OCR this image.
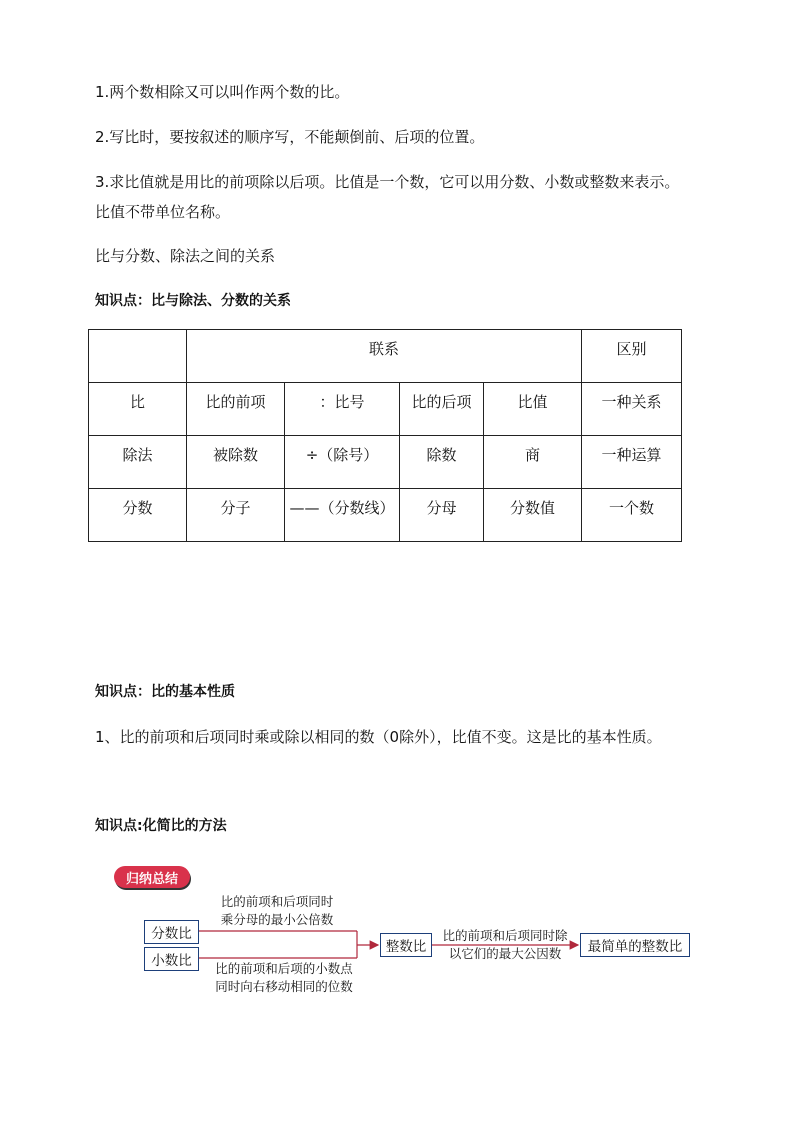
1.两个数相除又可以叫作两个数的比。
2.写比时，要按叙述的顺序写，不能颠倒前、后项的位置。
3.求比值就是用比的前项除以后项。比值是一个数，它可以用分数、小数或整数来表示。
比值不带单位名称。
比与分数、除法之间的关系
知识点：比与除法、分数的关系
	联系				区别
比	比的前项	：比号	比的后项	比值	一种关系
除法	被除数	÷（除号）	除数	商	一种运算
分数	分子	——（分数线）	分母	分数值	一个数
知识点：比的基本性质
1、比的前项和后项同时乘或除以相同的数（0除外），比值不变。这是比的基本性质。
知识点:化简比的方法
归纳总结
分数比
小数比
比的前项和后项同时
乘分母的最小公倍数
比的前项和后项的小数点
同时向右移动相同的位数
整数比
比的前项和后项同时除
以它们的最大公因数	最简单的整数比
